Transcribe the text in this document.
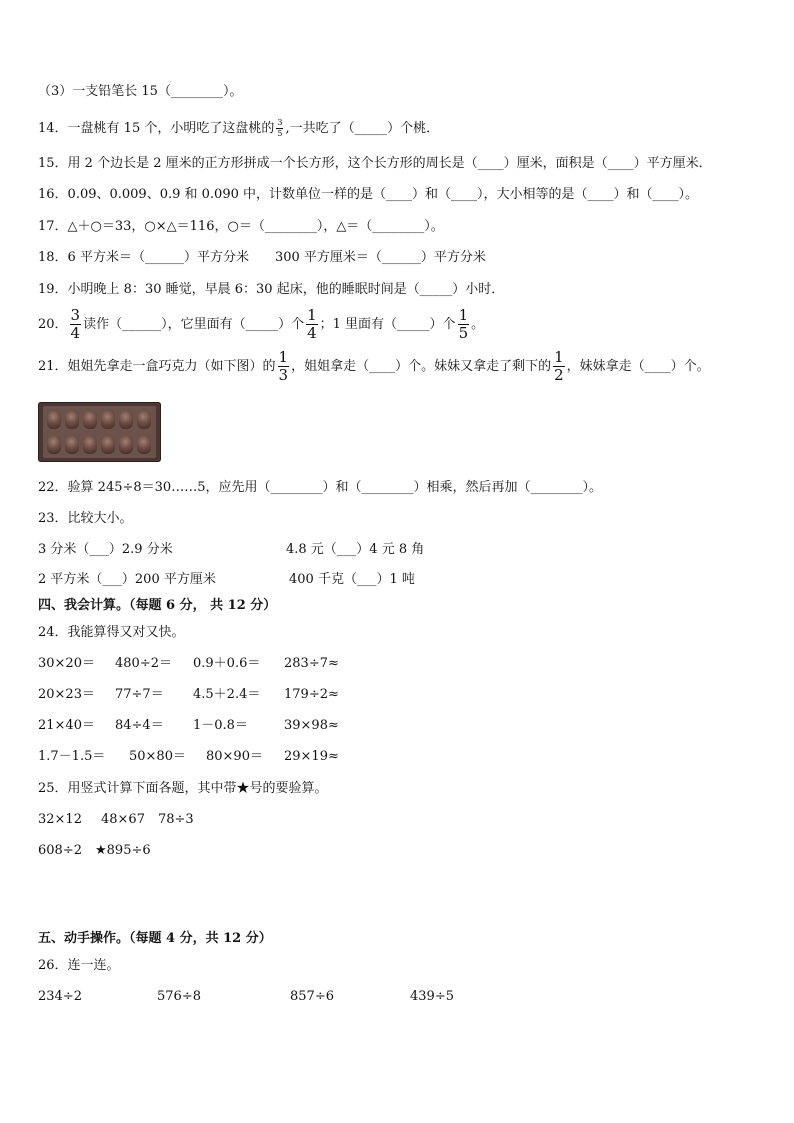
（3）一支铅笔长 15（________）。
14．一盘桃有 15 个，小明吃了这盘桃的 $\frac{3}{5}$ ,一共吃了（_____）个桃．
15．用 2 个边长是 2 厘米的正方形拼成一个长方形，这个长方形的周长是（____）厘米，面积是（____）平方厘米．
16．0.09、0.009、0.9 和 0.090 中，计数单位一样的是（____）和（____），大小相等的是（____）和（____）。
17．△＋○＝33，○×△＝116，○＝（________），△＝（________）。
18．6 平方米＝（______）平方分米　　300 平方厘米＝（______）平方分米
19．小明晚上 8：30 睡觉，早晨 6：30 起床，他的睡眠时间是（_____）小时．
20． $\frac{3}{4}$ 读作（______），它里面有（_____）个 $\frac{1}{4}$ ；1 里面有（_____）个 $\frac{1}{5}$ 。
21．姐姐先拿走一盒巧克力（如下图）的 $\frac{1}{3}$ ，姐姐拿走（____）个。妹妹又拿走了剩下的 $\frac{1}{2}$ ，妹妹拿走（____）个。
22．验算 245÷8＝30……5，应先用（________）和（________）相乘，然后再加（________）。
23．比较大小。
3 分米（___）2.9 分米	4.8 元（___）4 元 8 角
2 平方米（___）200 平方厘米	400 千克（___）1 吨
四、我会计算。（每题 6 分， 共 12 分）
24．我能算得又对又快。
30×20＝ 480÷2＝ 0.9＋0.6＝ 283÷7≈
20×23＝ 77÷7＝ 4.5＋2.4＝ 179÷2≈
21×40＝ 84÷4＝ 1－0.8＝	39×98≈
1.7－1.5＝ 50×80＝ 80×90＝ 29×19≈
25．用竖式计算下面各题，其中带★号的要验算。
32×12 48×67 78÷3
608÷2 ★895÷6
五、动手操作。（每题 4 分，共 12 分）
26．连一连。
234÷2	576÷8	857÷6	439÷5
